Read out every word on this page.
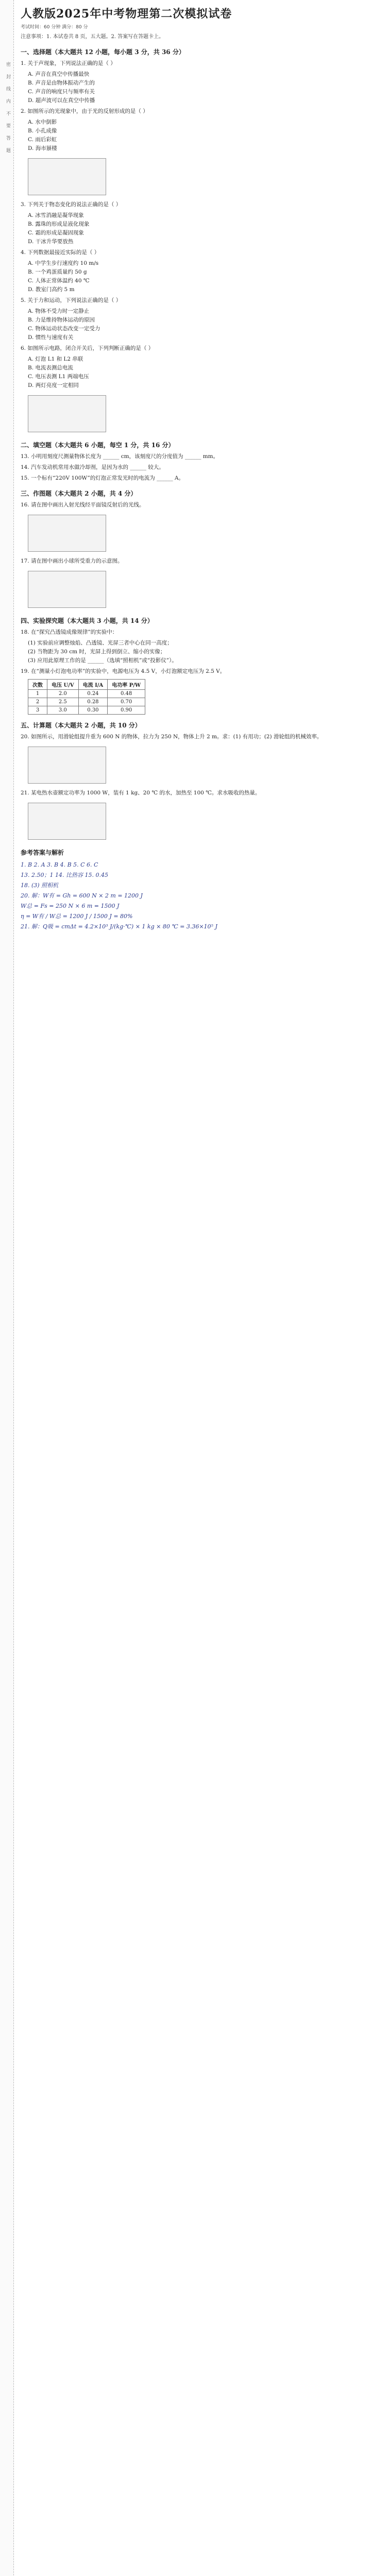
密 封 线 内 不 要 答 题
人教版2025年中考物理第二次模拟试卷
考试时间：60 分钟 满分：80 分
注意事项：1. 本试卷共 8 页，五大题。2. 答案写在答题卡上。
一、选择题（本大题共 12 小题，每小题 3 分，共 36 分）
1. 关于声现象，下列说法正确的是（ ）
A. 声音在真空中传播最快
B. 声音是由物体振动产生的
C. 声音的响度只与频率有关
D. 超声波可以在真空中传播
2. 如图所示的光现象中，由于光的反射形成的是（ ）
A. 水中倒影
B. 小孔成像
C. 雨后彩虹
D. 海市蜃楼
3. 下列关于物态变化的说法正确的是（ ）
A. 冰雪消融是凝华现象
B. 露珠的形成是液化现象
C. 霜的形成是凝固现象
D. 干冰升华要放热
4. 下列数据最接近实际的是（ ）
A. 中学生步行速度约 10 m/s
B. 一个鸡蛋质量约 50 g
C. 人体正常体温约 40 ℃
D. 教室门高约 5 m
5. 关于力和运动，下列说法正确的是（ ）
A. 物体不受力时一定静止
B. 力是维持物体运动的原因
C. 物体运动状态改变一定受力
D. 惯性与速度有关
6. 如图所示电路，闭合开关后，下列判断正确的是（ ）
A. 灯泡 L1 和 L2 串联
B. 电流表测总电流
C. 电压表测 L1 两端电压
D. 两灯亮度一定相同
二、填空题（本大题共 6 小题，每空 1 分，共 16 分）
13. 小明用刻度尺测量物体长度为 ______ cm，该刻度尺的分度值为 ______ mm。
14. 汽车发动机常用水做冷却剂，是因为水的 ______ 较大。
15. 一个标有“220V 100W”的灯泡正常发光时的电流为 ______ A。
三、作图题（本大题共 2 小题，共 4 分）
16. 请在图中画出入射光线经平面镜反射后的光线。
17. 请在图中画出小球所受重力的示意图。
四、实验探究题（本大题共 3 小题，共 14 分）
18. 在“探究凸透镜成像规律”的实验中：
(1) 实验前应调整烛焰、凸透镜、光屏三者中心在同一高度；
(2) 当物距为 30 cm 时，光屏上得到倒立、缩小的实像；
(3) 应用此原理工作的是 ______（选填“照相机”或“投影仪”）。
19. 在“测量小灯泡电功率”的实验中，电源电压为 4.5 V，小灯泡额定电压为 2.5 V。
次数	电压 U/V	电流 I/A	电功率 P/W
1	2.0	0.24	0.48
2	2.5	0.28	0.70
3	3.0	0.30	0.90
五、计算题（本大题共 2 小题，共 10 分）
20. 如图所示，用滑轮组提升重为 600 N 的物体，拉力为 250 N，物体上升 2 m。求：(1) 有用功；(2) 滑轮组的机械效率。
21. 某电热水壶额定功率为 1000 W，装有 1 kg、20 ℃ 的水，加热至 100 ℃。求水吸收的热量。
参考答案与解析
1. B 2. A 3. B 4. B 5. C 6. C
13. 2.50；1 14. 比热容 15. 0.45
18. (3) 照相机
20. 解：W有 = Gh = 600 N × 2 m = 1200 J
W总 = Fs = 250 N × 6 m = 1500 J
η = W有 / W总 = 1200 J / 1500 J = 80%
21. 解：Q吸 = cmΔt = 4.2×10³ J/(kg·℃) × 1 kg × 80 ℃ = 3.36×10⁵ J
